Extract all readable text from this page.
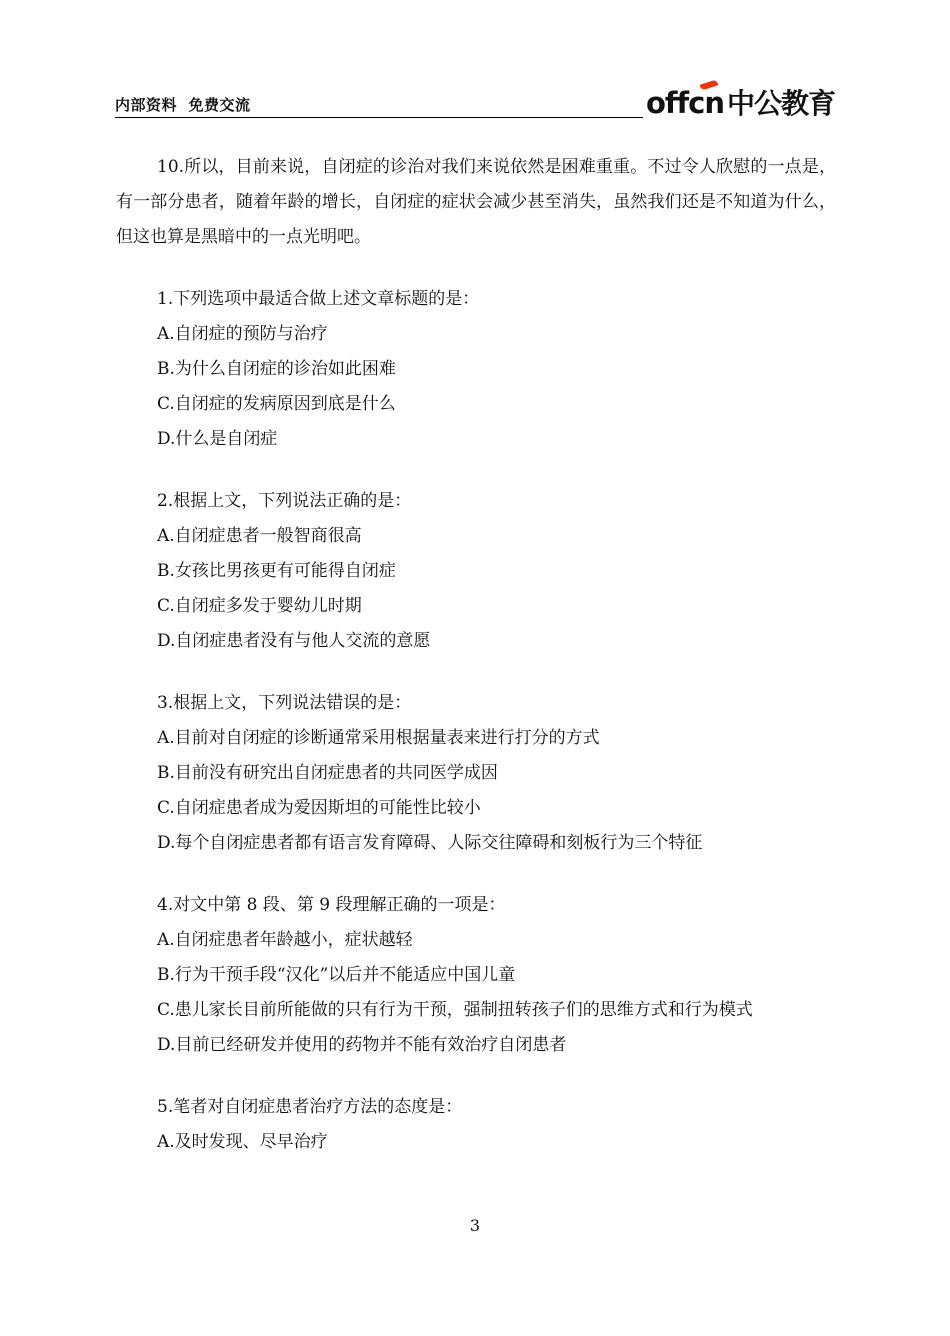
内部资料  免费交流	offcn 中公教育

10.所以，目前来说，自闭症的诊治对我们来说依然是困难重重。不过令人欣慰的一点是，有一部分患者，随着年龄的增长，自闭症的症状会减少甚至消失，虽然我们还是不知道为什么，但这也算是黑暗中的一点光明吧。

1.下列选项中最适合做上述文章标题的是：
A.自闭症的预防与治疗
B.为什么自闭症的诊治如此困难
C.自闭症的发病原因到底是什么
D.什么是自闭症
2.根据上文，下列说法正确的是：
A.自闭症患者一般智商很高
B.女孩比男孩更有可能得自闭症
C.自闭症多发于婴幼儿时期
D.自闭症患者没有与他人交流的意愿
3.根据上文，下列说法错误的是：
A.目前对自闭症的诊断通常采用根据量表来进行打分的方式
B.目前没有研究出自闭症患者的共同医学成因
C.自闭症患者成为爱因斯坦的可能性比较小
D.每个自闭症患者都有语言发育障碍、人际交往障碍和刻板行为三个特征
4.对文中第 8 段、第 9 段理解正确的一项是：
A.自闭症患者年龄越小，症状越轻
B.行为干预手段“汉化”以后并不能适应中国儿童
C.患儿家长目前所能做的只有行为干预，强制扭转孩子们的思维方式和行为模式
D.目前已经研发并使用的药物并不能有效治疗自闭患者
5.笔者对自闭症患者治疗方法的态度是：
A.及时发现、尽早治疗
3
